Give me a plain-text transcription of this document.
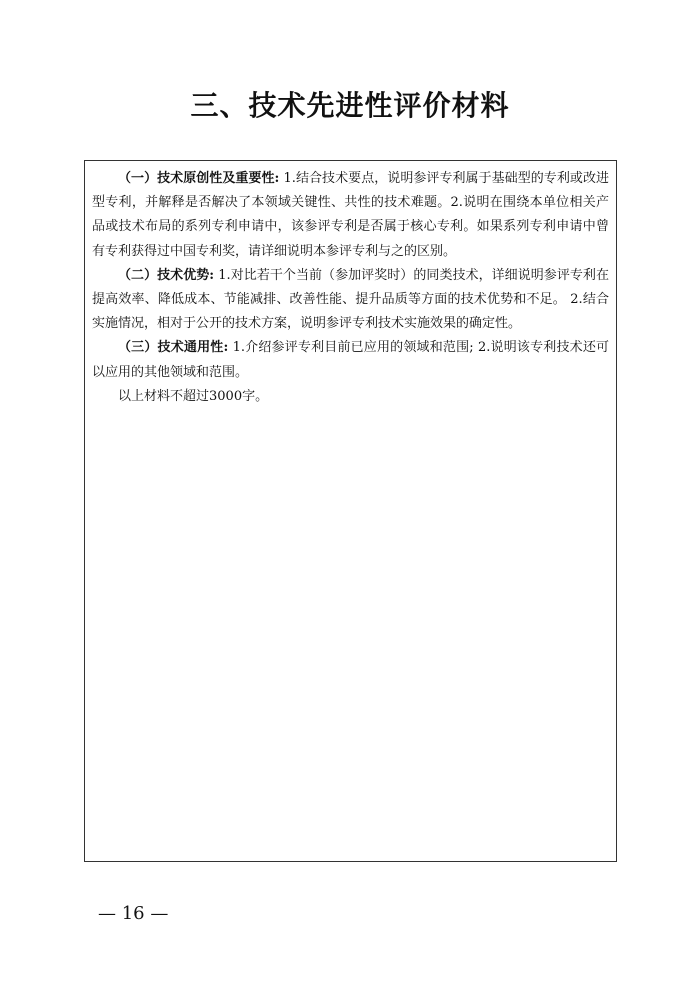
三、技术先进性评价材料

（一）技术原创性及重要性: 1.结合技术要点，说明参评专利属于基础型的专利或改进型专利，并解释是否解决了本领域关键性、共性的技术难题。2.说明在围绕本单位相关产品或技术布局的系列专利申请中，该参评专利是否属于核心专利。如果系列专利申请中曾有专利获得过中国专利奖，请详细说明本参评专利与之的区别。

（二）技术优势: 1.对比若干个当前（参加评奖时）的同类技术，详细说明参评专利在提高效率、降低成本、节能减排、改善性能、提升品质等方面的技术优势和不足。 2.结合实施情况，相对于公开的技术方案，说明参评专利技术实施效果的确定性。

（三）技术通用性: 1.介绍参评专利目前已应用的领域和范围; 2.说明该专利技术还可以应用的其他领域和范围。

以上材料不超过3000字。

— 16 —
